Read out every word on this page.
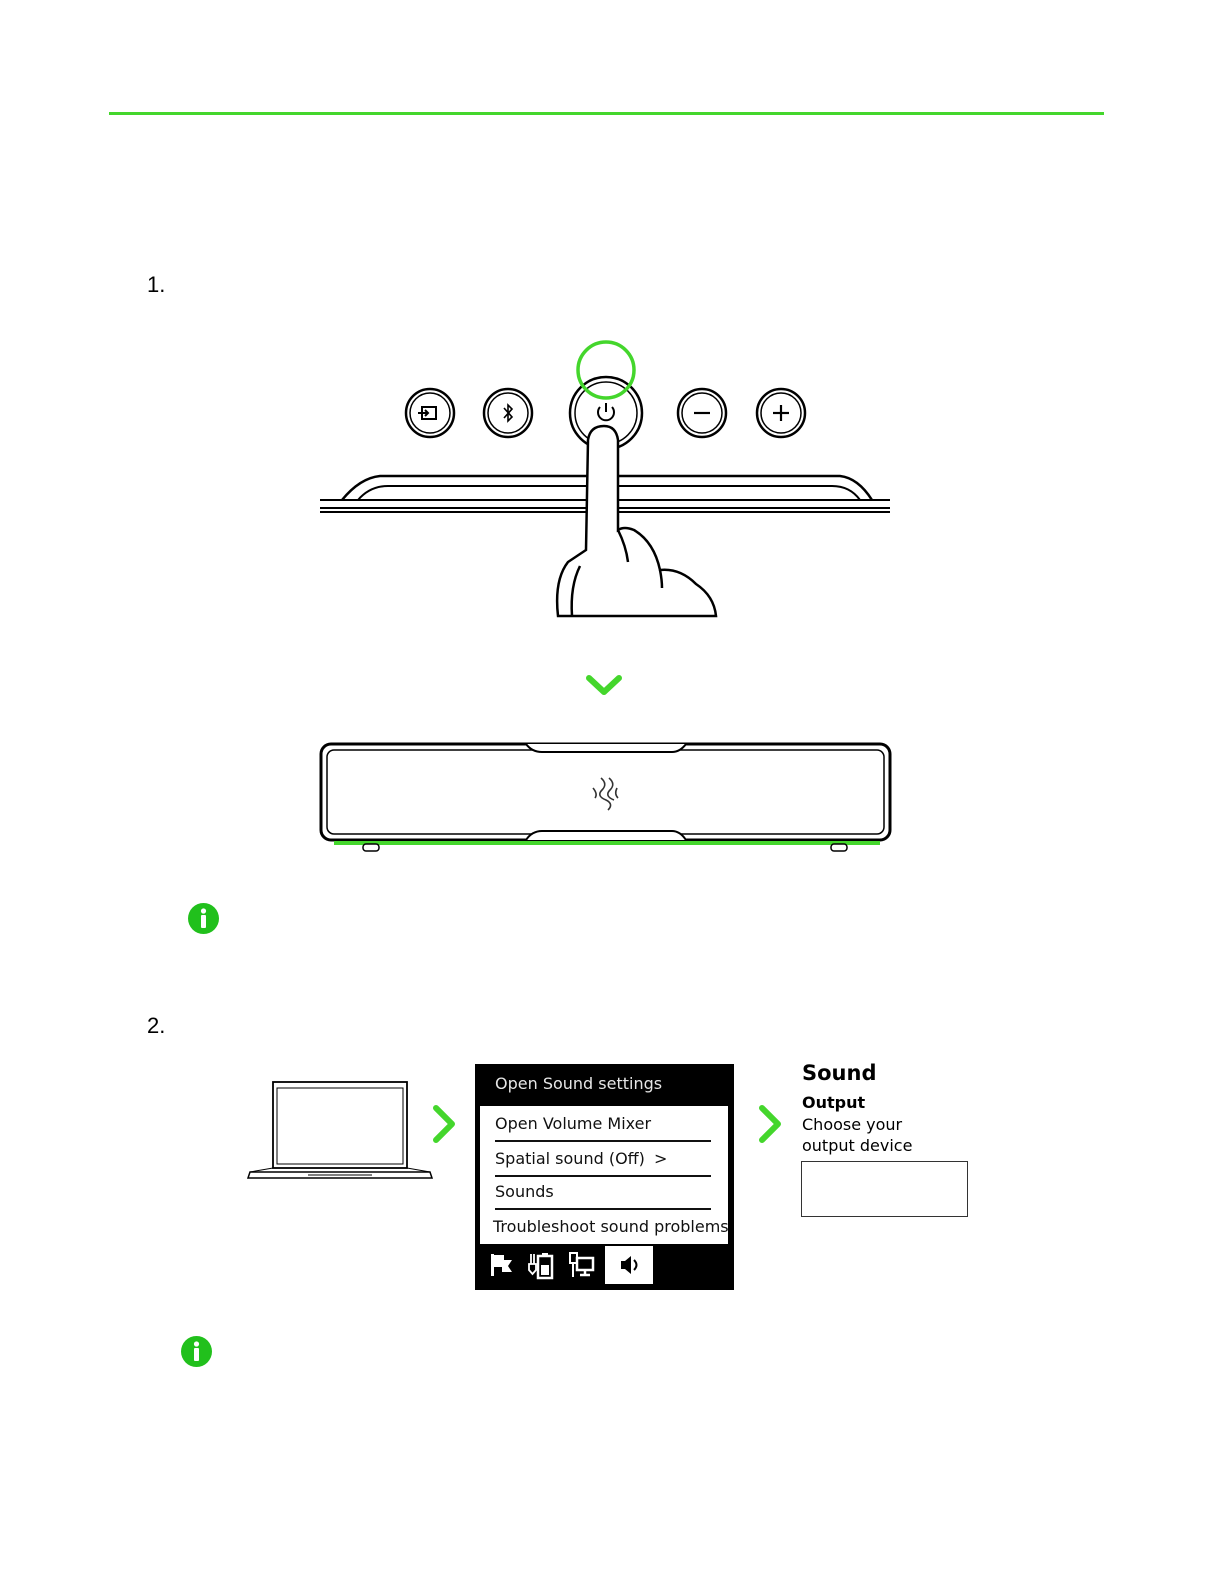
1.
2.
Open Sound settings
Open Volume Mixer
Spatial sound (Off) >
Sounds
Troubleshoot sound problems
Sound
Output
Choose your output device
